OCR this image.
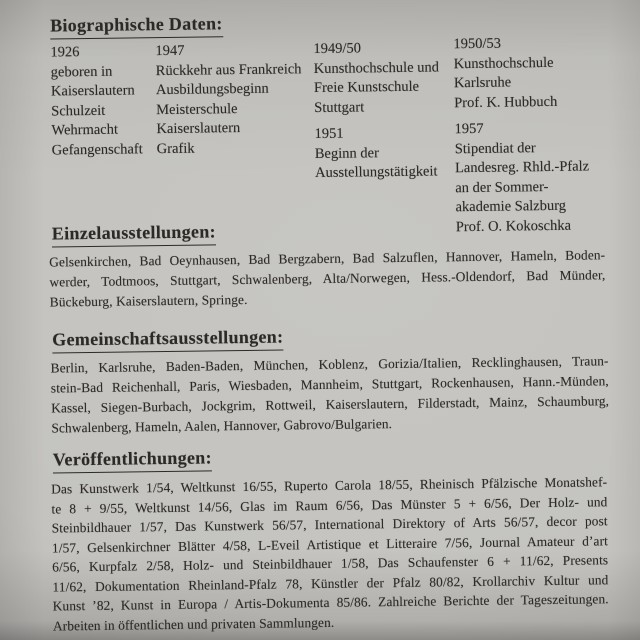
Biographische Daten:
1926
geboren in
Kaiserslautern
Schulzeit
Wehrmacht
Gefangenschaft
1947
Rückkehr aus Frankreich
Ausbildungsbeginn
Meisterschule
Kaiserslautern
Grafik
1949/50
Kunsthochschule und
Freie Kunstschule
Stuttgart
1951
Beginn der
Ausstellungstätigkeit
1950/53
Kunsthochschule
Karlsruhe
Prof. K. Hubbuch
1957
Stipendiat der
Landesreg. Rhld.-Pfalz
an der Sommer-
akademie Salzburg
Prof. O. Kokoschka
Einzelausstellungen:
Gelsenkirchen, Bad Oeynhausen, Bad Bergzabern, Bad Salzuflen, Hannover, Hameln, Boden-
werder, Todtmoos, Stuttgart, Schwalenberg, Alta/Norwegen, Hess.-Oldendorf, Bad Münder,
Bückeburg, Kaiserslautern, Springe.
Gemeinschaftsausstellungen:
Berlin, Karlsruhe, Baden-Baden, München, Koblenz, Gorizia/Italien, Recklinghausen, Traun-
stein-Bad Reichenhall, Paris, Wiesbaden, Mannheim, Stuttgart, Rockenhausen, Hann.-Münden,
Kassel, Siegen-Burbach, Jockgrim, Rottweil, Kaiserslautern, Filderstadt, Mainz, Schaumburg,
Schwalenberg, Hameln, Aalen, Hannover, Gabrovo/Bulgarien.
Veröffentlichungen:
Das Kunstwerk 1/54, Weltkunst 16/55, Ruperto Carola 18/55, Rheinisch Pfälzische Monatshef-
te 8 + 9/55, Weltkunst 14/56, Glas im Raum 6/56, Das Münster 5 + 6/56, Der Holz- und
Steinbildhauer 1/57, Das Kunstwerk 56/57, International Direktory of Arts 56/57, decor post
1/57, Gelsenkirchner Blätter 4/58, L-Eveil Artistique et Litteraire 7/56, Journal Amateur d’art
6/56, Kurpfalz 2/58, Holz- und Steinbildhauer 1/58, Das Schaufenster 6 + 11/62, Presents
11/62, Dokumentation Rheinland-Pfalz 78, Künstler der Pfalz 80/82, Krollarchiv Kultur und
Kunst ’82, Kunst in Europa / Artis-Dokumenta 85/86. Zahlreiche Berichte der Tageszeitungen.
Arbeiten in öffentlichen und privaten Sammlungen.
